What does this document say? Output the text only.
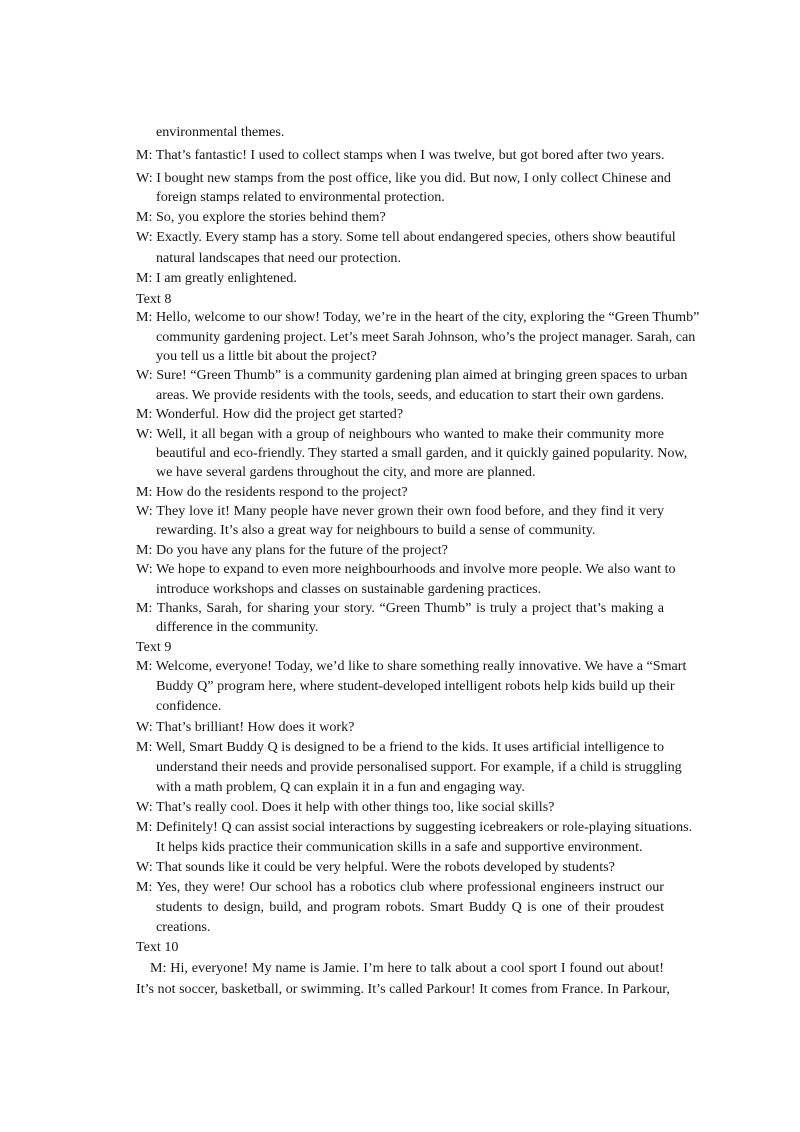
environmental themes.
M: That’s fantastic! I used to collect stamps when I was twelve, but got bored after two years.
W: I bought new stamps from the post office, like you did. But now, I only collect Chinese and
foreign stamps related to environmental protection.
M: So, you explore the stories behind them?
W: Exactly. Every stamp has a story. Some tell about endangered species, others show beautiful
natural landscapes that need our protection.
M: I am greatly enlightened.
Text 8
M: Hello, welcome to our show! Today, we’re in the heart of the city, exploring the “Green Thumb”
community gardening project. Let’s meet Sarah Johnson, who’s the project manager. Sarah, can
you tell us a little bit about the project?
W: Sure! “Green Thumb” is a community gardening plan aimed at bringing green spaces to urban
areas. We provide residents with the tools, seeds, and education to start their own gardens.
M: Wonderful. How did the project get started?
W: Well, it all began with a group of neighbours who wanted to make their community more
beautiful and eco-friendly. They started a small garden, and it quickly gained popularity. Now,
we have several gardens throughout the city, and more are planned.
M: How do the residents respond to the project?
W: They love it! Many people have never grown their own food before, and they find it very
rewarding. It’s also a great way for neighbours to build a sense of community.
M: Do you have any plans for the future of the project?
W: We hope to expand to even more neighbourhoods and involve more people. We also want to
introduce workshops and classes on sustainable gardening practices.
M: Thanks, Sarah, for sharing your story. “Green Thumb” is truly a project that’s making a
difference in the community.
Text 9
M: Welcome, everyone! Today, we’d like to share something really innovative. We have a “Smart
Buddy Q” program here, where student-developed intelligent robots help kids build up their
confidence.
W: That’s brilliant! How does it work?
M: Well, Smart Buddy Q is designed to be a friend to the kids. It uses artificial intelligence to
understand their needs and provide personalised support. For example, if a child is struggling
with a math problem, Q can explain it in a fun and engaging way.
W: That’s really cool. Does it help with other things too, like social skills?
M: Definitely! Q can assist social interactions by suggesting icebreakers or role-playing situations.
It helps kids practice their communication skills in a safe and supportive environment.
W: That sounds like it could be very helpful. Were the robots developed by students?
M: Yes, they were! Our school has a robotics club where professional engineers instruct our
students to design, build, and program robots. Smart Buddy Q is one of their proudest
creations.
Text 10
M: Hi, everyone! My name is Jamie. I’m here to talk about a cool sport I found out about!
It’s not soccer, basketball, or swimming. It’s called Parkour! It comes from France. In Parkour,
